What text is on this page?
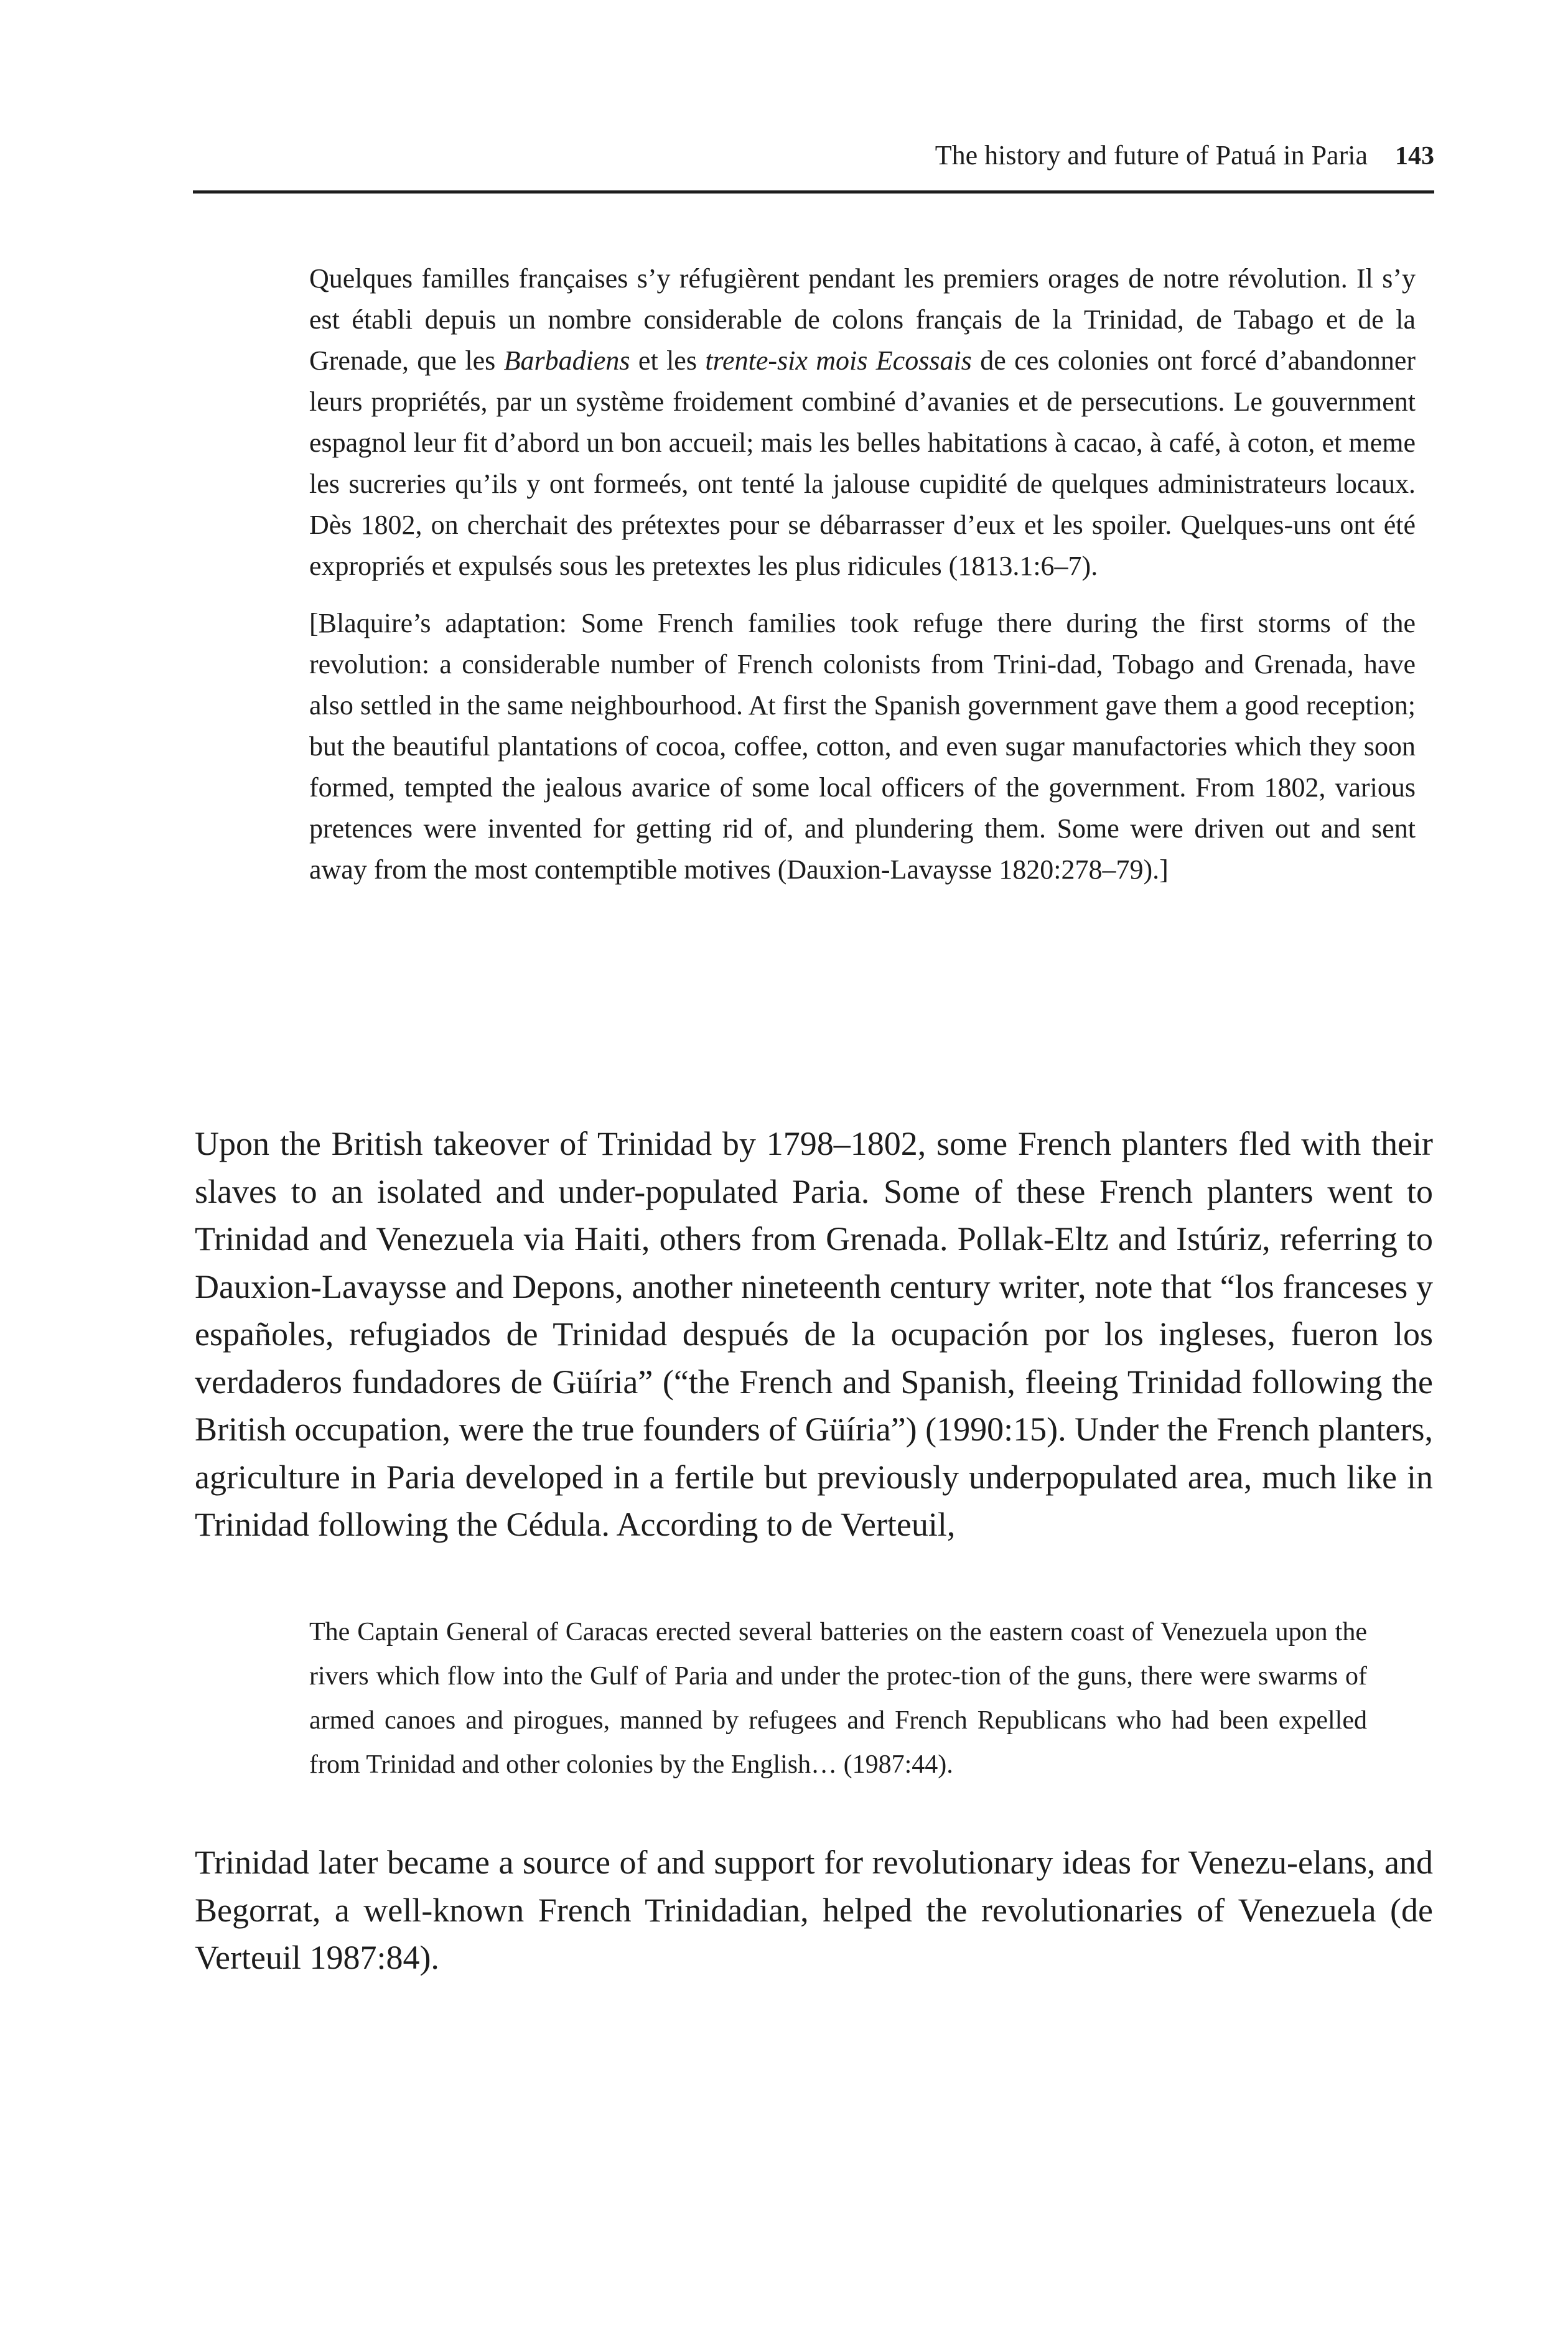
The history and future of Patuá in Paria 143

Quelques familles françaises s’y réfugièrent pendant les premiers orages de notre révolution. Il s’y est établi depuis un nombre considerable de colons français de la Trinidad, de Tabago et de la Grenade, que les Barbadiens et les trente-six mois Ecossais de ces colonies ont forcé d’abandonner leurs propriétés, par un système froidement combiné d’avanies et de persecutions. Le gouvernment espagnol leur fit d’abord un bon accueil; mais les belles habitations à cacao, à café, à coton, et meme les sucreries qu’ils y ont formeés, ont tenté la jalouse cupidité de quelques administrateurs locaux. Dès 1802, on cherchait des prétextes pour se débarrasser d’eux et les spoiler. Quelques-uns ont été expropriés et expulsés sous les pretextes les plus ridicules (1813.1:6–7).

[Blaquire’s adaptation: Some French families took refuge there during the first storms of the revolution: a considerable number of French colonists from Trini-dad, Tobago and Grenada, have also settled in the same neighbourhood. At first the Spanish government gave them a good reception; but the beautiful plantations of cocoa, coffee, cotton, and even sugar manufactories which they soon formed, tempted the jealous avarice of some local officers of the government. From 1802, various pretences were invented for getting rid of, and plundering them. Some were driven out and sent away from the most contemptible motives (Dauxion-Lavaysse 1820:278–79).]

Upon the British takeover of Trinidad by 1798–1802, some French planters fled with their slaves to an isolated and under-populated Paria. Some of these French planters went to Trinidad and Venezuela via Haiti, others from Grenada. Pollak-Eltz and Istúriz, referring to Dauxion-Lavaysse and Depons, another nineteenth century writer, note that “los franceses y españoles, refugiados de Trinidad después de la ocupación por los ingleses, fueron los verdaderos fundadores de Güíria” (“the French and Spanish, fleeing Trinidad following the British occupation, were the true founders of Güíria”) (1990:15). Under the French planters, agriculture in Paria developed in a fertile but previously underpopulated area, much like in Trinidad following the Cédula. According to de Verteuil,

The Captain General of Caracas erected several batteries on the eastern coast of Venezuela upon the rivers which flow into the Gulf of Paria and under the protec-tion of the guns, there were swarms of armed canoes and pirogues, manned by refugees and French Republicans who had been expelled from Trinidad and other colonies by the English… (1987:44).

Trinidad later became a source of and support for revolutionary ideas for Venezu-elans, and Begorrat, a well-known French Trinidadian, helped the revolutionaries of Venezuela (de Verteuil 1987:84).
